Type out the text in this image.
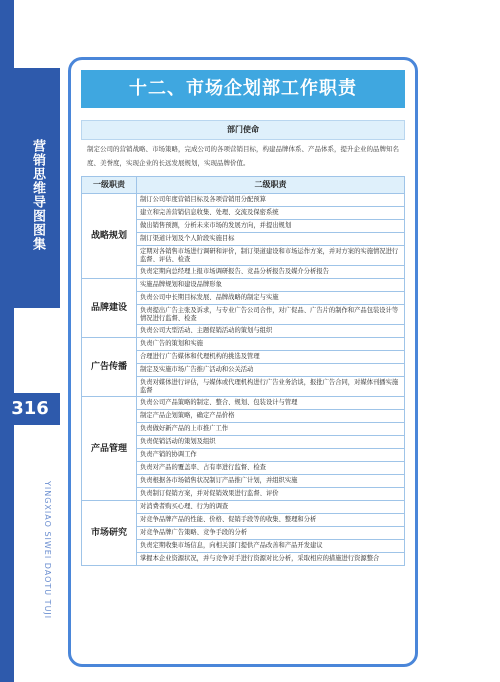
营销思维导图图集
YINGXIAO SIWEI DAOTU TUJI
316
十二、市场企划部工作职责
部门使命
制定公司的营销战略、市场策略，完成公司的各项营销目标，构建品牌体系、产品体系，提升企业的品牌知名度、美誉度，实现企业的长远发展规划，实现品牌价值。
一级职责	二级职责
战略规划	制订公司年度营销目标及各项营销用分配预算
	建立和完善营销信息收集、处理、交流及保密系统
	做出销售预测，分析未来市场的发展方向，并提出规划
	制订渠道计划及个人阶段实施目标
	定期对各销售市场进行调研和评价，制订渠道建设和市场运作方案，并对方案的实施情况进行监督、评估、检查
	负责定期向总经理上报市场调研报告、竞品分析报告及媒介分析报告
品牌建设	实施品牌规划和建设品牌形象
	负责公司中长期目标发展、品牌战略的制定与实施
	负责提出广告主张及诉求，与专业广告公司合作，对广促品、广告片的制作和产品包装设计等情况进行监督、检查
	负责公司大型活动、主题促销活动的策划与组织
广告传播	负责广告的策划和实施
	合理进行广告媒体和代理机构的挑选及管理
	制定及实施市场广告推广活动和公关活动
	负责对媒体进行评估，与媒体或代理机构进行广告业务洽谈，报批广告合同，对媒体刊播实施监督
产品管理	负责公司产品策略的制定、整合、规划、包装设计与管理
	制定产品企划策略，确定产品价格
	负责做好新产品的上市推广工作
	负责促销活动的策划及组织
	负责产销的协调工作
	负责对产品的覆盖率、占有率进行监督、检查
	负责根据各市场销售状况制订产品推广计划，并组织实施
	负责制订促销方案，并对促销效果进行监督、评价
市场研究	对消费者购买心理、行为的调查
	对竞争品牌产品的性能、价格、促销手段等的收集、整理和分析
	对竞争品牌广告策略、竞争手段的分析
	负责定期收集市场信息，向相关部门提供产品改善和产品开发建议
	掌握本企业资源状况，并与竞争对手进行资源对比分析，采取相应的措施进行资源整合
